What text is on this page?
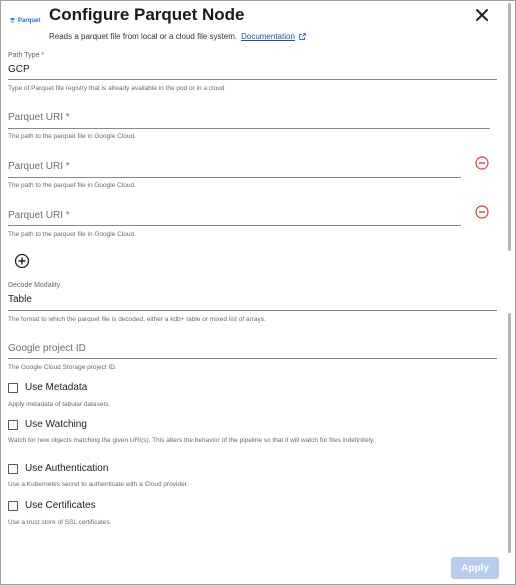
Parquet Configure Parquet Node
Reads a parquet file from local or a cloud file system. Documentation
Path Type *
GCP
Type of Parquet file registry that is already available in the pod or in a cloud
Parquet URI *
The path to the parquet file in Google Cloud.
Parquet URI *
The path to the parquet file in Google Cloud.
Parquet URI *
The path to the parquet file in Google Cloud.
Decode Modality
Table
The format to which the parquet file is decoded, either a kdb+ table or mixed list of arrays.
Google project ID
The Google Cloud Storage project ID.
Use Metadata
Apply metadata of tabular datasets.
Use Watching
Watch for new objects matching the given URI(s). This alters the behavior of the pipeline so that it will watch for files indefinitely.
Use Authentication
Use a Kubernetes secret to authenticate with a Cloud provider.
Use Certificates
Use a trust store of SSL certificates.
Apply
